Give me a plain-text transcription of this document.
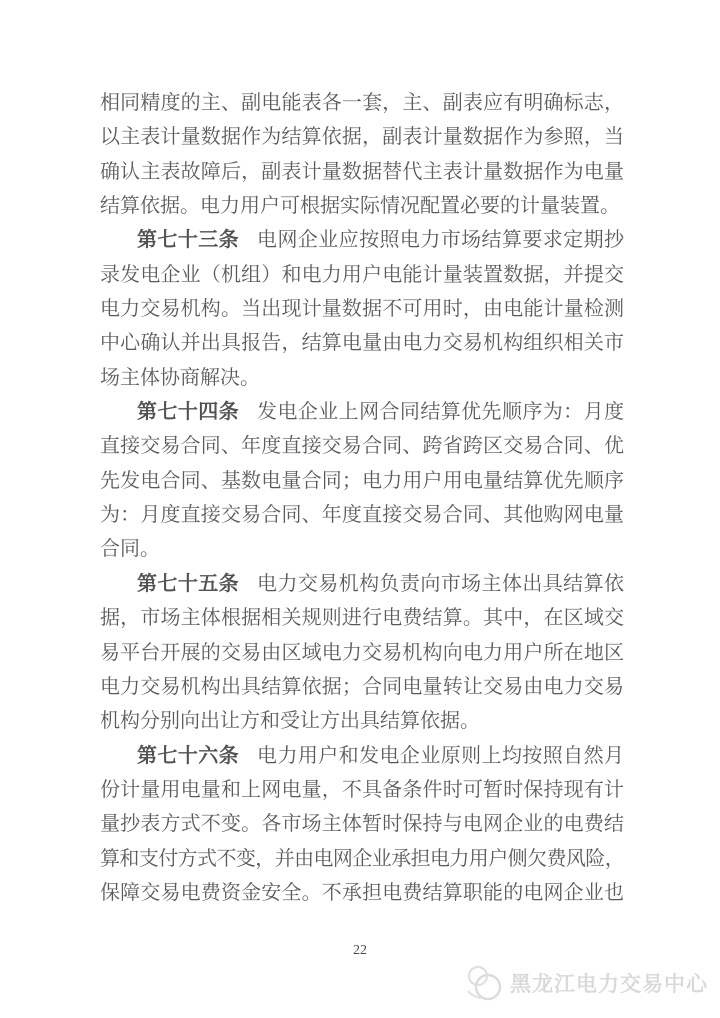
相同精度的主、副电能表各一套，主、副表应有明确标志，
以主表计量数据作为结算依据，副表计量数据作为参照，当
确认主表故障后，副表计量数据替代主表计量数据作为电量
结算依据。电力用户可根据实际情况配置必要的计量装置。
第七十三条 电网企业应按照电力市场结算要求定期抄
录发电企业（机组）和电力用户电能计量装置数据，并提交
电力交易机构。当出现计量数据不可用时，由电能计量检测
中心确认并出具报告，结算电量由电力交易机构组织相关市
场主体协商解决。
第七十四条 发电企业上网合同结算优先顺序为：月度
直接交易合同、年度直接交易合同、跨省跨区交易合同、优
先发电合同、基数电量合同；电力用户用电量结算优先顺序
为：月度直接交易合同、年度直接交易合同、其他购网电量
合同。
第七十五条 电力交易机构负责向市场主体出具结算依
据，市场主体根据相关规则进行电费结算。其中，在区域交
易平台开展的交易由区域电力交易机构向电力用户所在地区
电力交易机构出具结算依据；合同电量转让交易由电力交易
机构分别向出让方和受让方出具结算依据。
第七十六条 电力用户和发电企业原则上均按照自然月
份计量用电量和上网电量，不具备条件时可暂时保持现有计
量抄表方式不变。各市场主体暂时保持与电网企业的电费结
算和支付方式不变，并由电网企业承担电力用户侧欠费风险，
保障交易电费资金安全。不承担电费结算职能的电网企业也
22
黑龙江电力交易中心
